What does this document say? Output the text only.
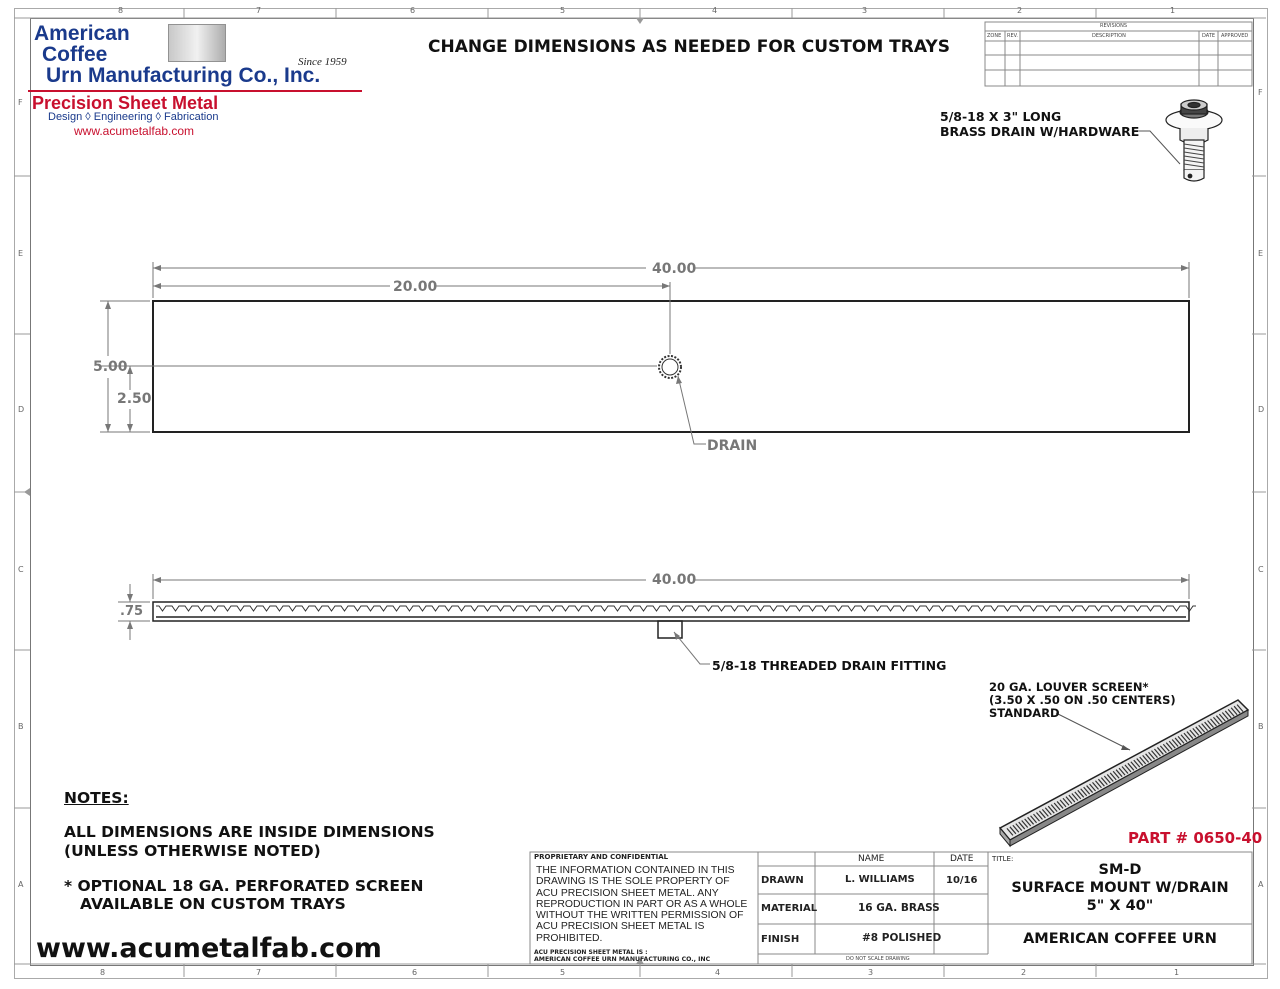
8	7	6	5	4	3	2	1
8	7	6	5	4	3	2	1
F
E
D
C
B
A
F
E
D
C
B
A
American
Coffee
Urn Manufacturing Co., Inc.
Since 1959
Precision Sheet Metal
Design ◊ Engineering ◊ Fabrication
www.acumetalfab.com
CHANGE DIMENSIONS AS NEEDED FOR CUSTOM TRAYS
REVISIONS
ZONE REV.	DESCRIPTION	DATE APPROVED
5/8-18 X 3" LONG
BRASS DRAIN W/HARDWARE
40.00
20.00
5.00
2.50
DRAIN
40.00
.75
5/8-18 THREADED DRAIN FITTING
20 GA. LOUVER SCREEN*
(3.50 X .50 ON .50 CENTERS)
STANDARD
NOTES:
ALL DIMENSIONS ARE INSIDE DIMENSIONS
(UNLESS OTHERWISE NOTED)
* OPTIONAL 18 GA. PERFORATED SCREEN
AVAILABLE ON CUSTOM TRAYS
www.acumetalfab.com
PART # 0650-40
PROPRIETARY AND CONFIDENTIAL
THE INFORMATION CONTAINED IN THIS DRAWING IS THE SOLE PROPERTY OF ACU PRECISION SHEET METAL. ANY REPRODUCTION IN PART OR AS A WHOLE WITHOUT THE WRITTEN PERMISSION OF ACU PRECISION SHEET METAL IS PROHIBITED.
ACU PRECISION SHEET METAL IS :
AMERICAN COFFEE URN MANUFACTURING CO., INC
NAME	DATE
DRAWN	L. WILLIAMS	10/16
MATERIAL	16 GA. BRASS
FINISH	#8 POLISHED
DO NOT SCALE DRAWING
TITLE:
SM-D
SURFACE MOUNT W/DRAIN
5" X 40"
AMERICAN COFFEE URN
